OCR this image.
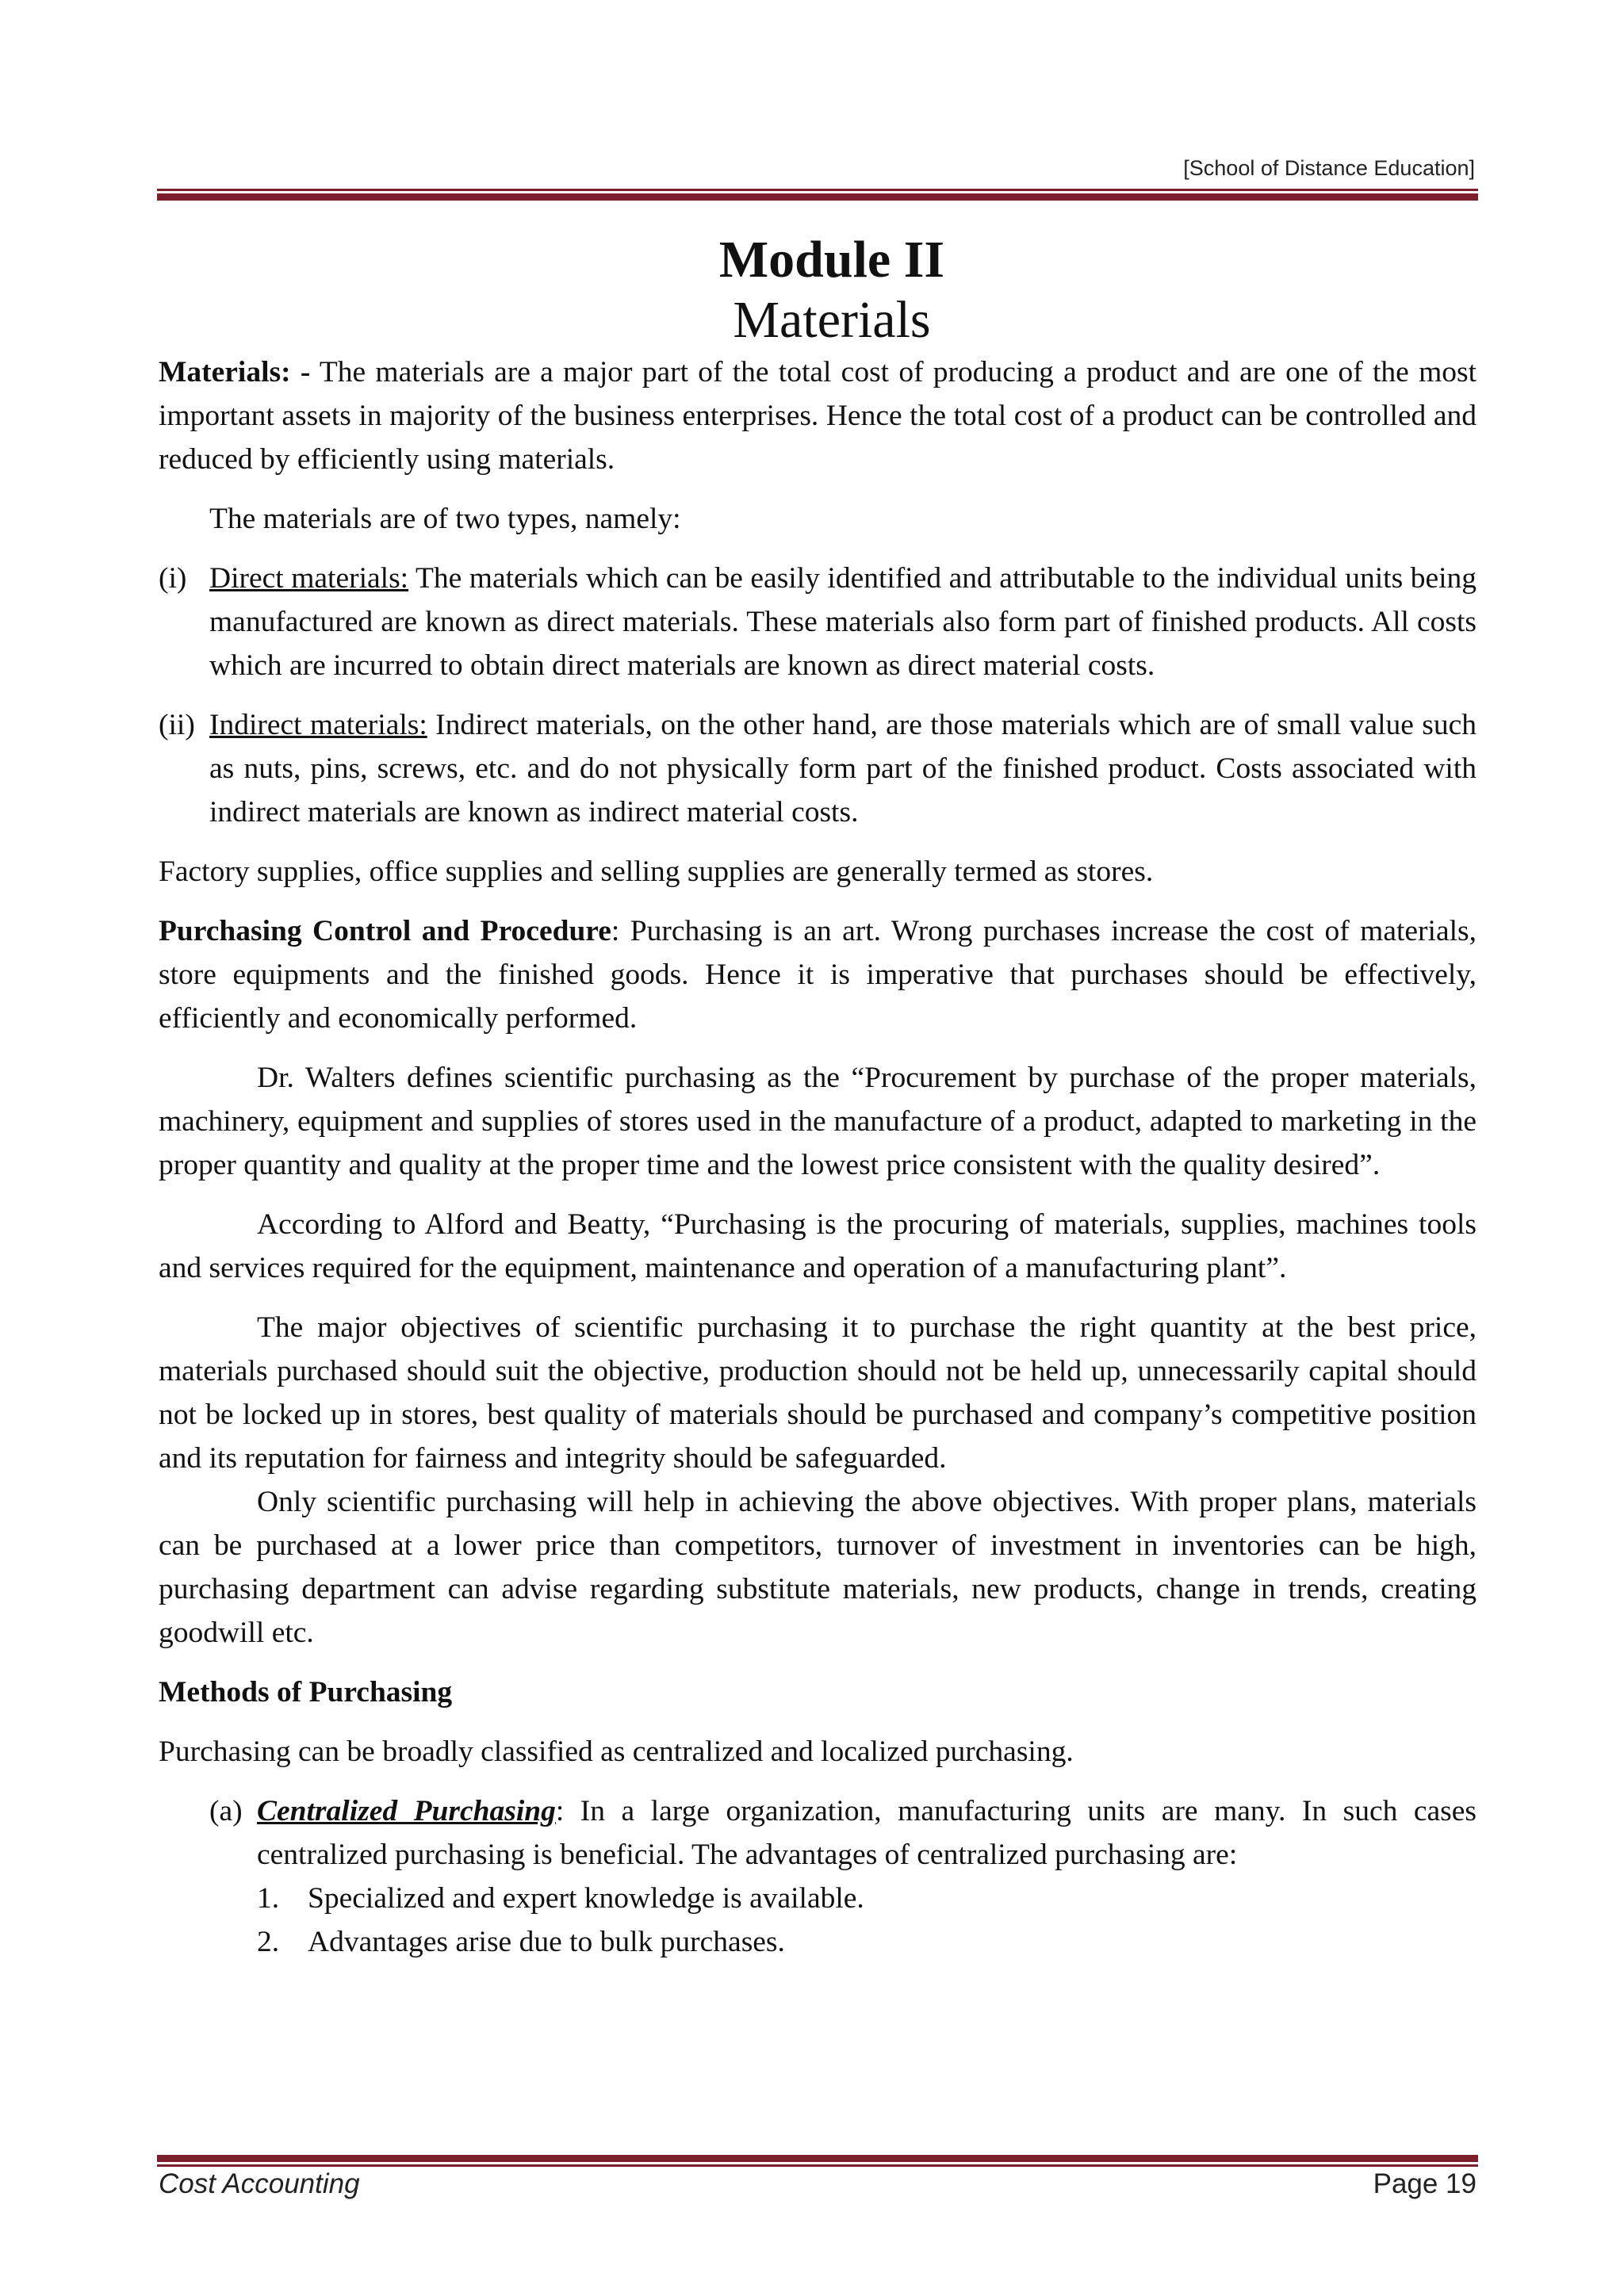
[School of Distance Education]
Module II
Materials

Materials: - The materials are a major part of the total cost of producing a product and are one of the most important assets in majority of the business enterprises. Hence the total cost of a product can be controlled and reduced by efficiently using materials.

The materials are of two types, namely:

(i) Direct materials: The materials which can be easily identified and attributable to the individual units being manufactured are known as direct materials. These materials also form part of finished products. All costs which are incurred to obtain direct materials are known as direct material costs.
(ii) Indirect materials: Indirect materials, on the other hand, are those materials which are of small value such as nuts, pins, screws, etc. and do not physically form part of the finished product. Costs associated with indirect materials are known as indirect material costs.

Factory supplies, office supplies and selling supplies are generally termed as stores.

Purchasing Control and Procedure: Purchasing is an art. Wrong purchases increase the cost of materials, store equipments and the finished goods. Hence it is imperative that purchases should be effectively, efficiently and economically performed.

Dr. Walters defines scientific purchasing as the “Procurement by purchase of the proper materials, machinery, equipment and supplies of stores used in the manufacture of a product, adapted to marketing in the proper quantity and quality at the proper time and the lowest price consistent with the quality desired”.

According to Alford and Beatty, “Purchasing is the procuring of materials, supplies, machines tools and services required for the equipment, maintenance and operation of a manufacturing plant”.

The major objectives of scientific purchasing it to purchase the right quantity at the best price, materials purchased should suit the objective, production should not be held up, unnecessarily capital should not be locked up in stores, best quality of materials should be purchased and company’s competitive position and its reputation for fairness and integrity should be safeguarded.

Only scientific purchasing will help in achieving the above objectives. With proper plans, materials can be purchased at a lower price than competitors, turnover of investment in inventories can be high, purchasing department can advise regarding substitute materials, new products, change in trends, creating goodwill etc.

Methods of Purchasing

Purchasing can be broadly classified as centralized and localized purchasing.

(a) Centralized Purchasing: In a large organization, manufacturing units are many. In such cases centralized purchasing is beneficial. The advantages of centralized purchasing are:
1. Specialized and expert knowledge is available.
2. Advantages arise due to bulk purchases.
Cost Accounting	Page 19
